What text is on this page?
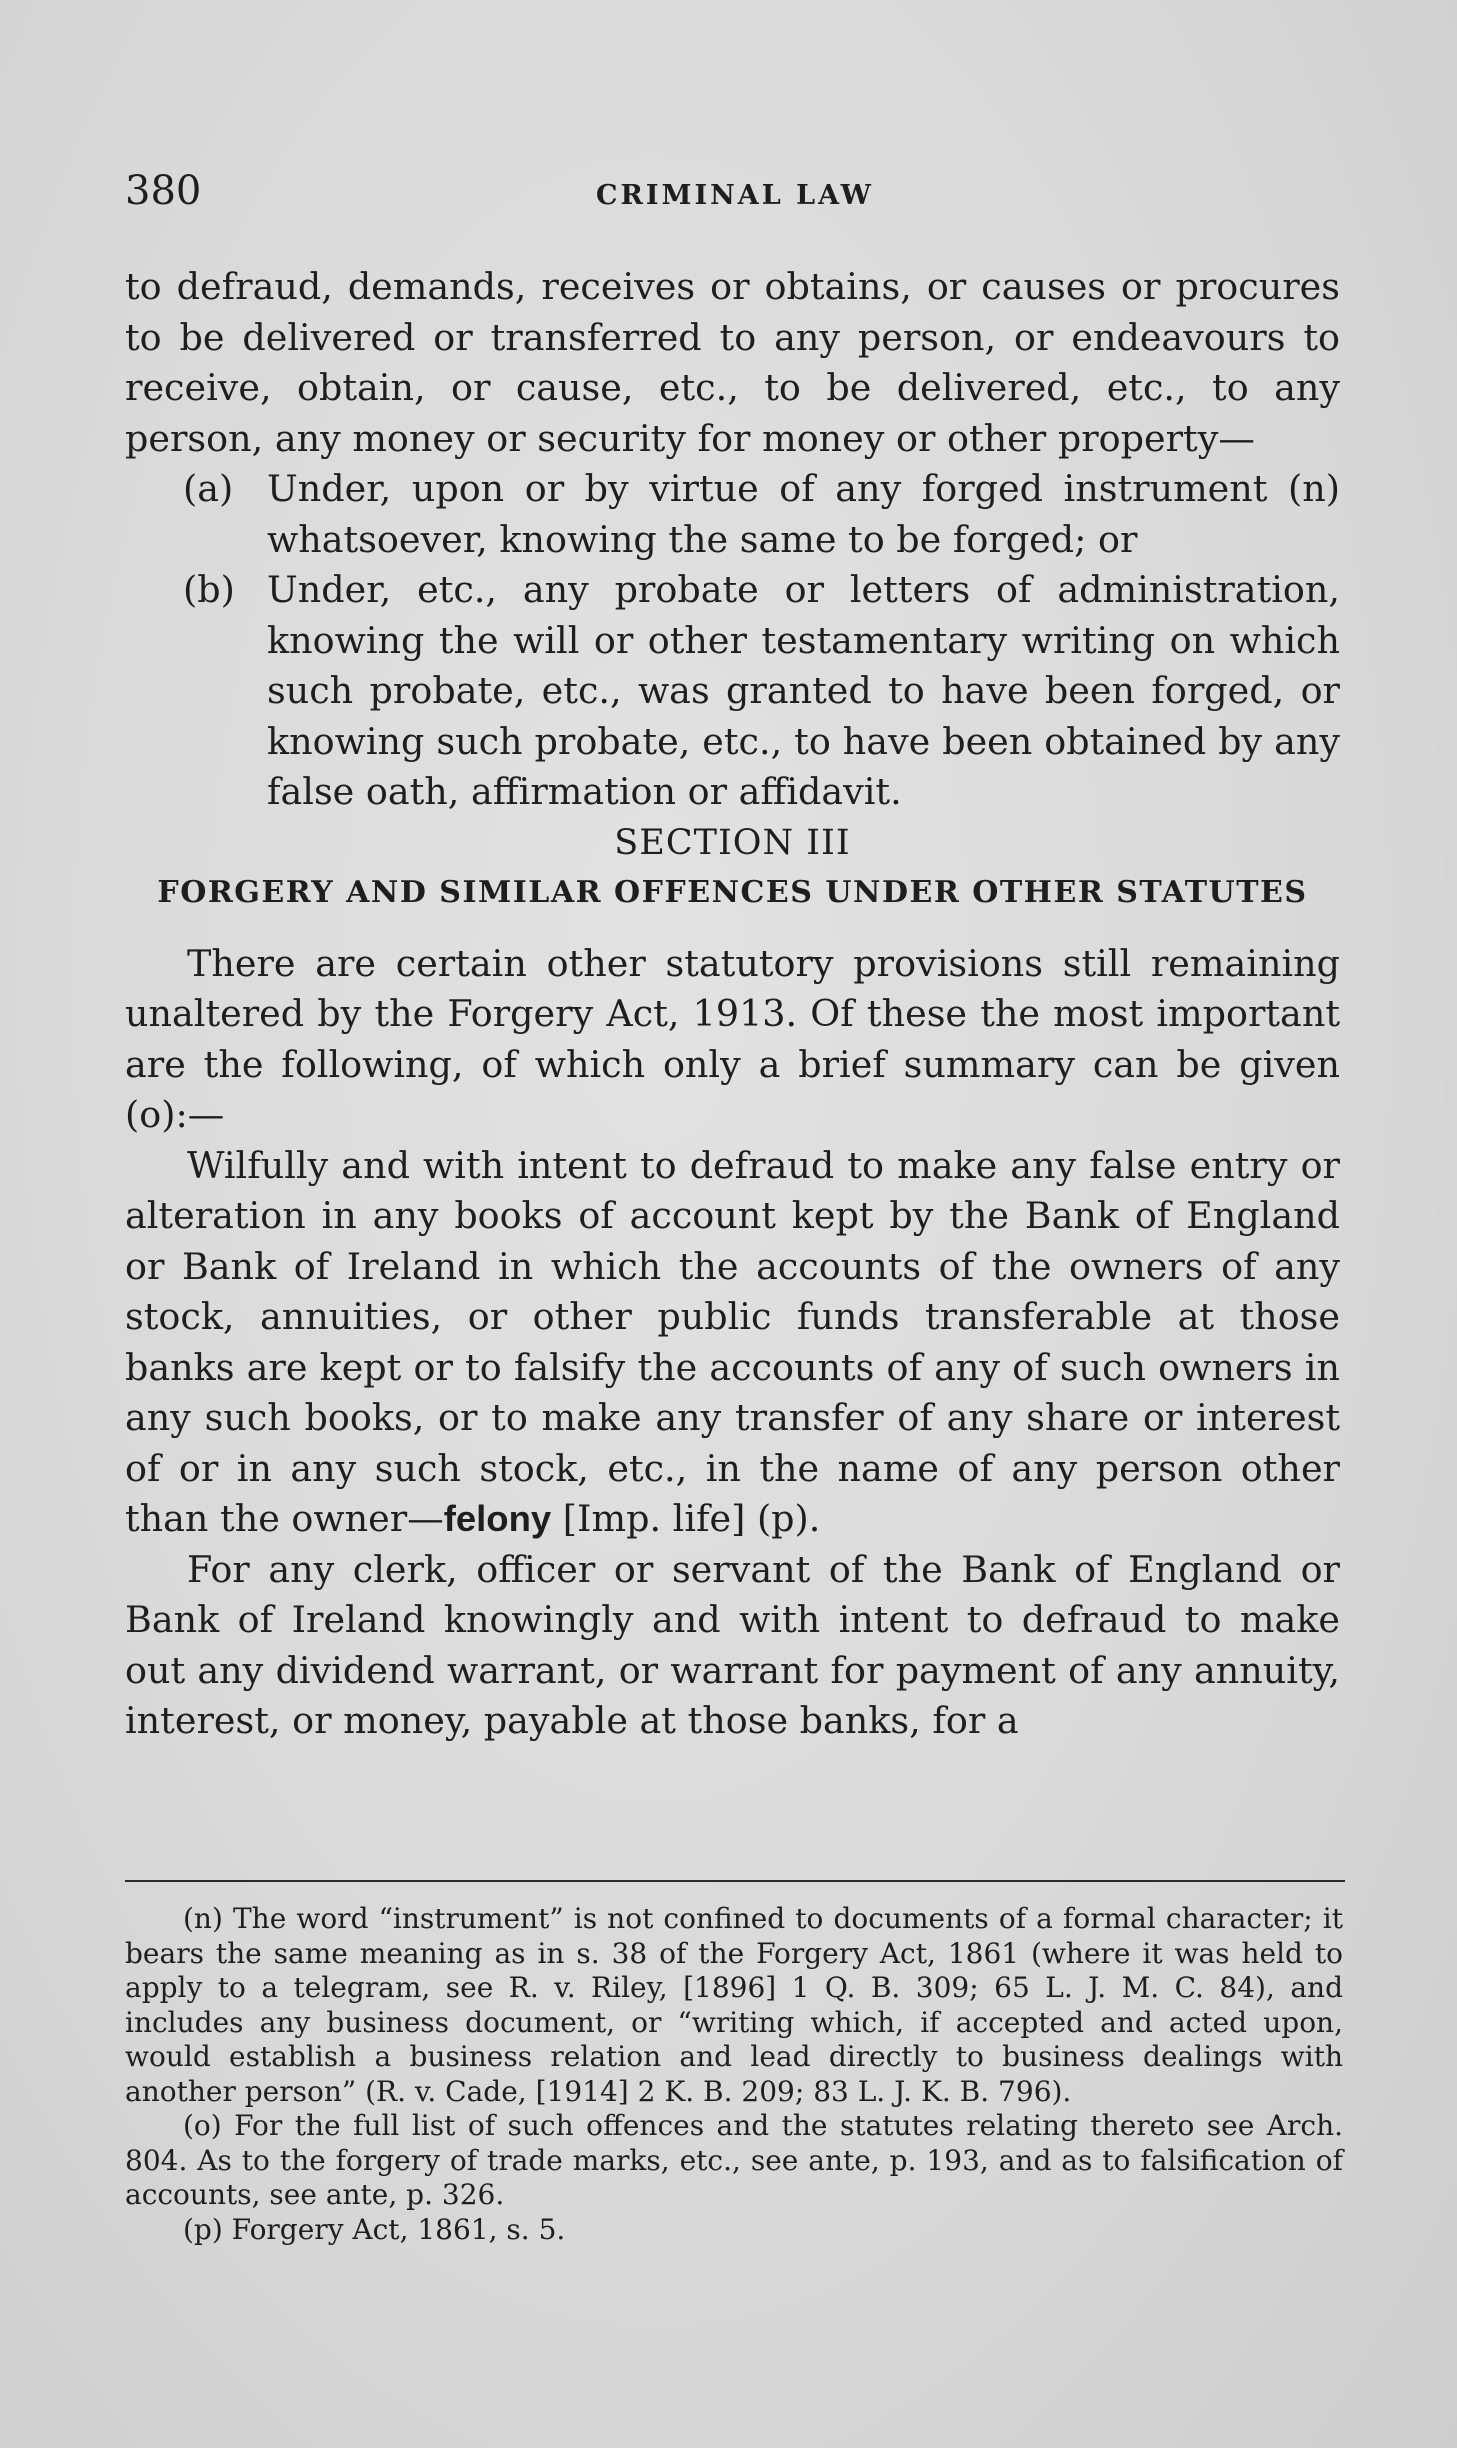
380	CRIMINAL LAW

to defraud, demands, receives or obtains, or causes or procures to be delivered or transferred to any person, or endeavours to receive, obtain, or cause, etc., to be delivered, etc., to any person, any money or security for money or other property—

(a) Under, upon or by virtue of any forged instrument (n) whatsoever, knowing the same to be forged; or
(b) Under, etc., any probate or letters of administration, knowing the will or other testamentary writing on which such probate, etc., was granted to have been forged, or knowing such probate, etc., to have been obtained by any false oath, affirmation or affidavit.

SECTION III

FORGERY AND SIMILAR OFFENCES UNDER OTHER STATUTES

There are certain other statutory provisions still remaining unaltered by the Forgery Act, 1913. Of these the most important are the following, of which only a brief summary can be given (o):—

Wilfully and with intent to defraud to make any false entry or alteration in any books of account kept by the Bank of England or Bank of Ireland in which the accounts of the owners of any stock, annuities, or other public funds transferable at those banks are kept or to falsify the accounts of any of such owners in any such books, or to make any transfer of any share or interest of or in any such stock, etc., in the name of any person other than the owner—felony [Imp. life] (p).

For any clerk, officer or servant of the Bank of England or Bank of Ireland knowingly and with intent to defraud to make out any dividend warrant, or warrant for payment of any annuity, interest, or money, payable at those banks, for a

(n) The word “instrument” is not confined to documents of a formal character; it bears the same meaning as in s. 38 of the Forgery Act, 1861 (where it was held to apply to a telegram, see R. v. Riley, [1896] 1 Q. B. 309; 65 L. J. M. C. 84), and includes any business document, or “writing which, if accepted and acted upon, would establish a business relation and lead directly to business dealings with another person” (R. v. Cade, [1914] 2 K. B. 209; 83 L. J. K. B. 796).

(o) For the full list of such offences and the statutes relating thereto see Arch. 804. As to the forgery of trade marks, etc., see ante, p. 193, and as to falsification of accounts, see ante, p. 326.

(p) Forgery Act, 1861, s. 5.
